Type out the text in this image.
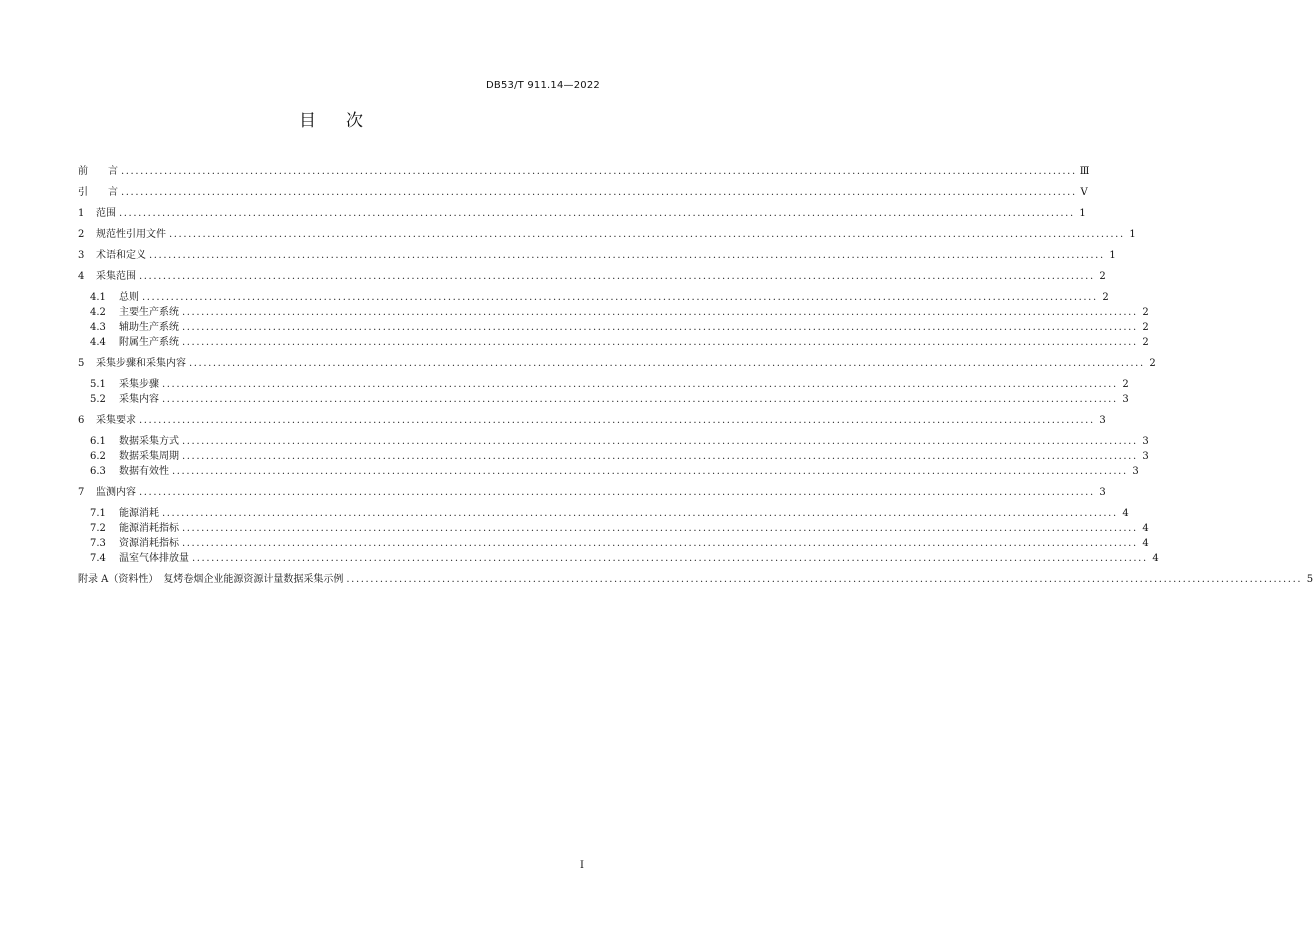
DB53/T 911.14—2022
目 次
前　　言 ........................................................................................................................................................................................................ Ⅲ
引　　言 ........................................................................................................................................................................................................ Ⅴ
1	范围 ........................................................................................................................................................................................................ 1
2	规范性引用文件 ........................................................................................................................................................................................................ 1
3	术语和定义 ........................................................................................................................................................................................................ 1
4	采集范围 ........................................................................................................................................................................................................ 2
4.1	总则 ........................................................................................................................................................................................................ 2
4.2	主要生产系统 ........................................................................................................................................................................................................ 2
4.3	辅助生产系统 ........................................................................................................................................................................................................ 2
4.4	附属生产系统 ........................................................................................................................................................................................................ 2
5	采集步骤和采集内容 ........................................................................................................................................................................................................ 2
5.1	采集步骤 ........................................................................................................................................................................................................ 2
5.2	采集内容 ........................................................................................................................................................................................................ 3
6	采集要求 ........................................................................................................................................................................................................ 3
6.1	数据采集方式 ........................................................................................................................................................................................................ 3
6.2	数据采集周期 ........................................................................................................................................................................................................ 3
6.3	数据有效性 ........................................................................................................................................................................................................ 3
7	监测内容 ........................................................................................................................................................................................................ 3
7.1	能源消耗 ........................................................................................................................................................................................................ 4
7.2	能源消耗指标 ........................................................................................................................................................................................................ 4
7.3	资源消耗指标 ........................................................................................................................................................................................................ 4
7.4	温室气体排放量 ........................................................................................................................................................................................................ 4
附录 A（资料性）　复烤卷烟企业能源资源计量数据采集示例 ........................................................................................................................................................................................................ 5
I
